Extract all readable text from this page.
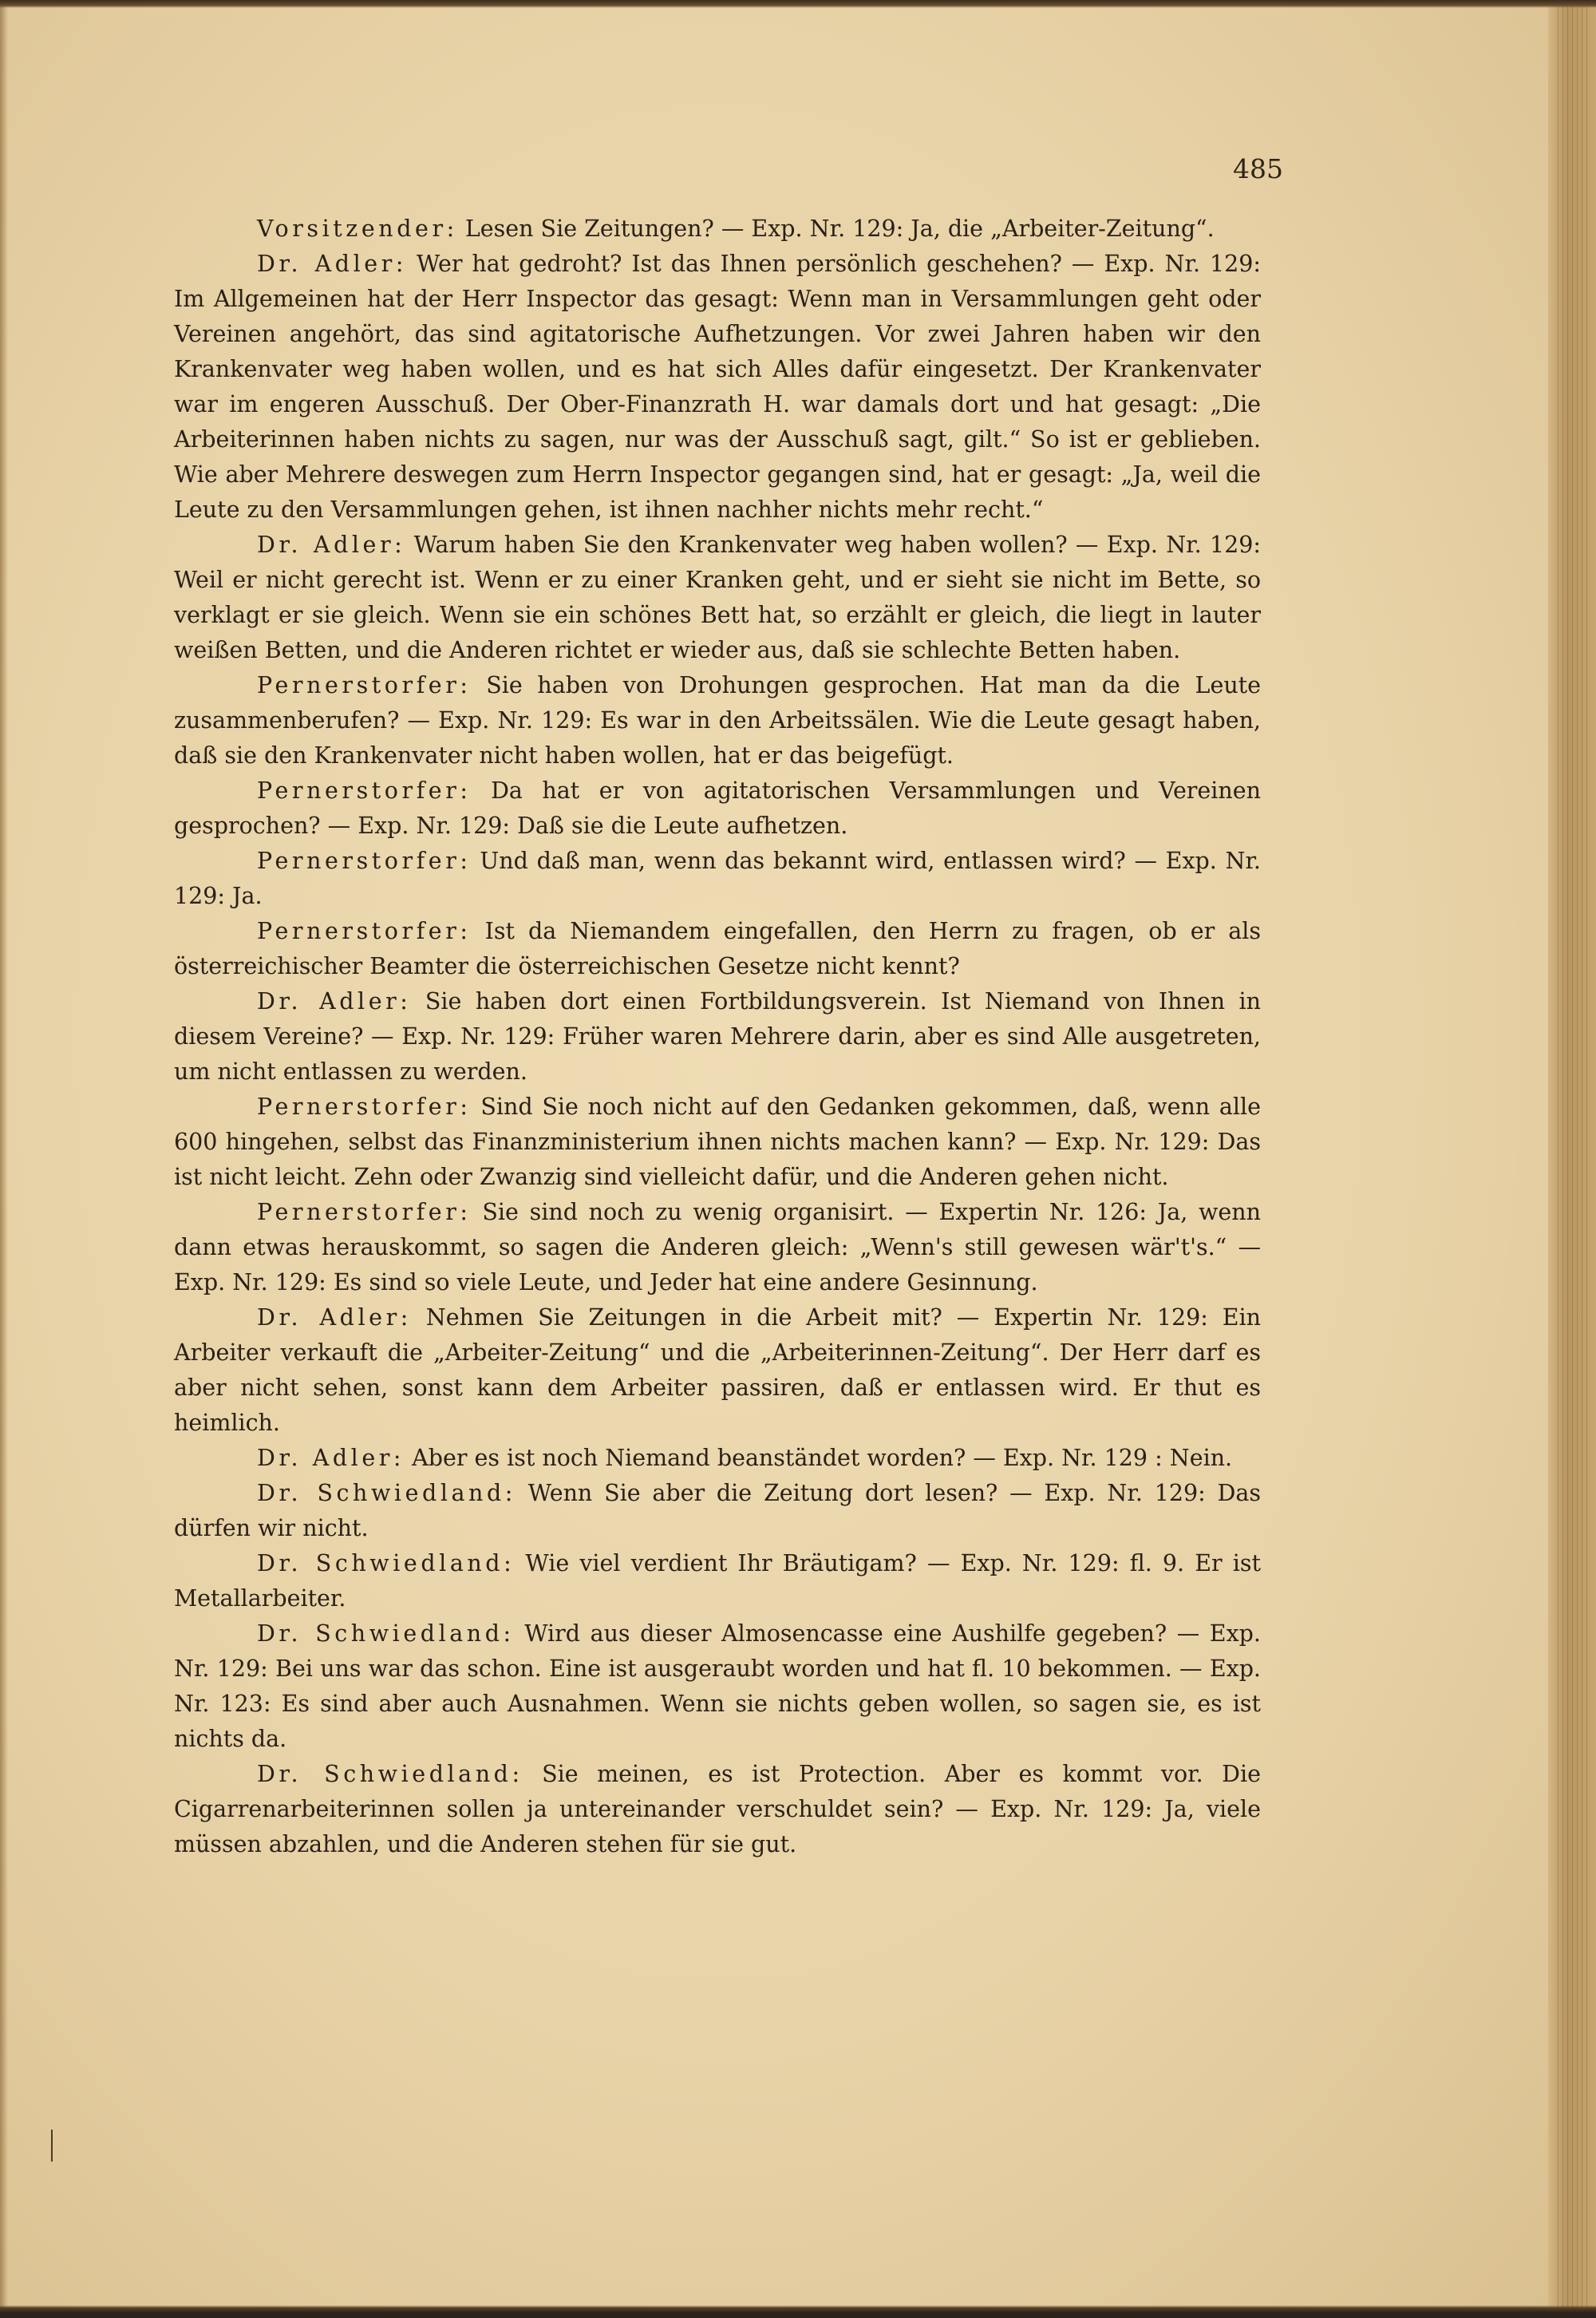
485

Vorsitzender: Lesen Sie Zeitungen? — Exp. Nr. 129: Ja, die „Arbeiter-Zeitung“.

Dr. Adler: Wer hat gedroht? Ist das Ihnen persönlich geschehen? — Exp. Nr. 129: Im Allgemeinen hat der Herr Inspector das gesagt: Wenn man in Versammlungen geht oder Vereinen angehört, das sind agitatorische Aufhetzungen. Vor zwei Jahren haben wir den Krankenvater weg haben wollen, und es hat sich Alles dafür eingesetzt. Der Krankenvater war im engeren Ausschuß. Der Ober-Finanzrath H. war damals dort und hat gesagt: „Die Arbeiterinnen haben nichts zu sagen, nur was der Ausschuß sagt, gilt.“ So ist er geblieben. Wie aber Mehrere deswegen zum Herrn Inspector gegangen sind, hat er gesagt: „Ja, weil die Leute zu den Versammlungen gehen, ist ihnen nachher nichts mehr recht.“

Dr. Adler: Warum haben Sie den Krankenvater weg haben wollen? — Exp. Nr. 129: Weil er nicht gerecht ist. Wenn er zu einer Kranken geht, und er sieht sie nicht im Bette, so verklagt er sie gleich. Wenn sie ein schönes Bett hat, so erzählt er gleich, die liegt in lauter weißen Betten, und die Anderen richtet er wieder aus, daß sie schlechte Betten haben.

Pernerstorfer: Sie haben von Drohungen gesprochen. Hat man da die Leute zusammenberufen? — Exp. Nr. 129: Es war in den Arbeitssälen. Wie die Leute gesagt haben, daß sie den Krankenvater nicht haben wollen, hat er das beigefügt.

Pernerstorfer: Da hat er von agitatorischen Versammlungen und Vereinen gesprochen? — Exp. Nr. 129: Daß sie die Leute aufhetzen.

Pernerstorfer: Und daß man, wenn das bekannt wird, entlassen wird? — Exp. Nr. 129: Ja.

Pernerstorfer: Ist da Niemandem eingefallen, den Herrn zu fragen, ob er als österreichischer Beamter die österreichischen Gesetze nicht kennt?

Dr. Adler: Sie haben dort einen Fortbildungsverein. Ist Niemand von Ihnen in diesem Vereine? — Exp. Nr. 129: Früher waren Mehrere darin, aber es sind Alle ausgetreten, um nicht entlassen zu werden.

Pernerstorfer: Sind Sie noch nicht auf den Gedanken gekommen, daß, wenn alle 600 hingehen, selbst das Finanzministerium ihnen nichts machen kann? — Exp. Nr. 129: Das ist nicht leicht. Zehn oder Zwanzig sind vielleicht dafür, und die Anderen gehen nicht.

Pernerstorfer: Sie sind noch zu wenig organisirt. — Expertin Nr. 126: Ja, wenn dann etwas herauskommt, so sagen die Anderen gleich: „Wenn's still gewesen wär't's.“ — Exp. Nr. 129: Es sind so viele Leute, und Jeder hat eine andere Gesinnung.

Dr. Adler: Nehmen Sie Zeitungen in die Arbeit mit? — Expertin Nr. 129: Ein Arbeiter verkauft die „Arbeiter-Zeitung“ und die „Arbeiterinnen-Zeitung“. Der Herr darf es aber nicht sehen, sonst kann dem Arbeiter passiren, daß er entlassen wird. Er thut es heimlich.

Dr. Adler: Aber es ist noch Niemand beanständet worden? — Exp. Nr. 129 : Nein.

Dr. Schwiedland: Wenn Sie aber die Zeitung dort lesen? — Exp. Nr. 129: Das dürfen wir nicht.

Dr. Schwiedland: Wie viel verdient Ihr Bräutigam? — Exp. Nr. 129: fl. 9. Er ist Metallarbeiter.

Dr. Schwiedland: Wird aus dieser Almosencasse eine Aushilfe gegeben? — Exp. Nr. 129: Bei uns war das schon. Eine ist ausgeraubt worden und hat fl. 10 bekommen. — Exp. Nr. 123: Es sind aber auch Ausnahmen. Wenn sie nichts geben wollen, so sagen sie, es ist nichts da.

Dr. Schwiedland: Sie meinen, es ist Protection. Aber es kommt vor. Die Cigarrenarbeiterinnen sollen ja untereinander verschuldet sein? — Exp. Nr. 129: Ja, viele müssen abzahlen, und die Anderen stehen für sie gut.
